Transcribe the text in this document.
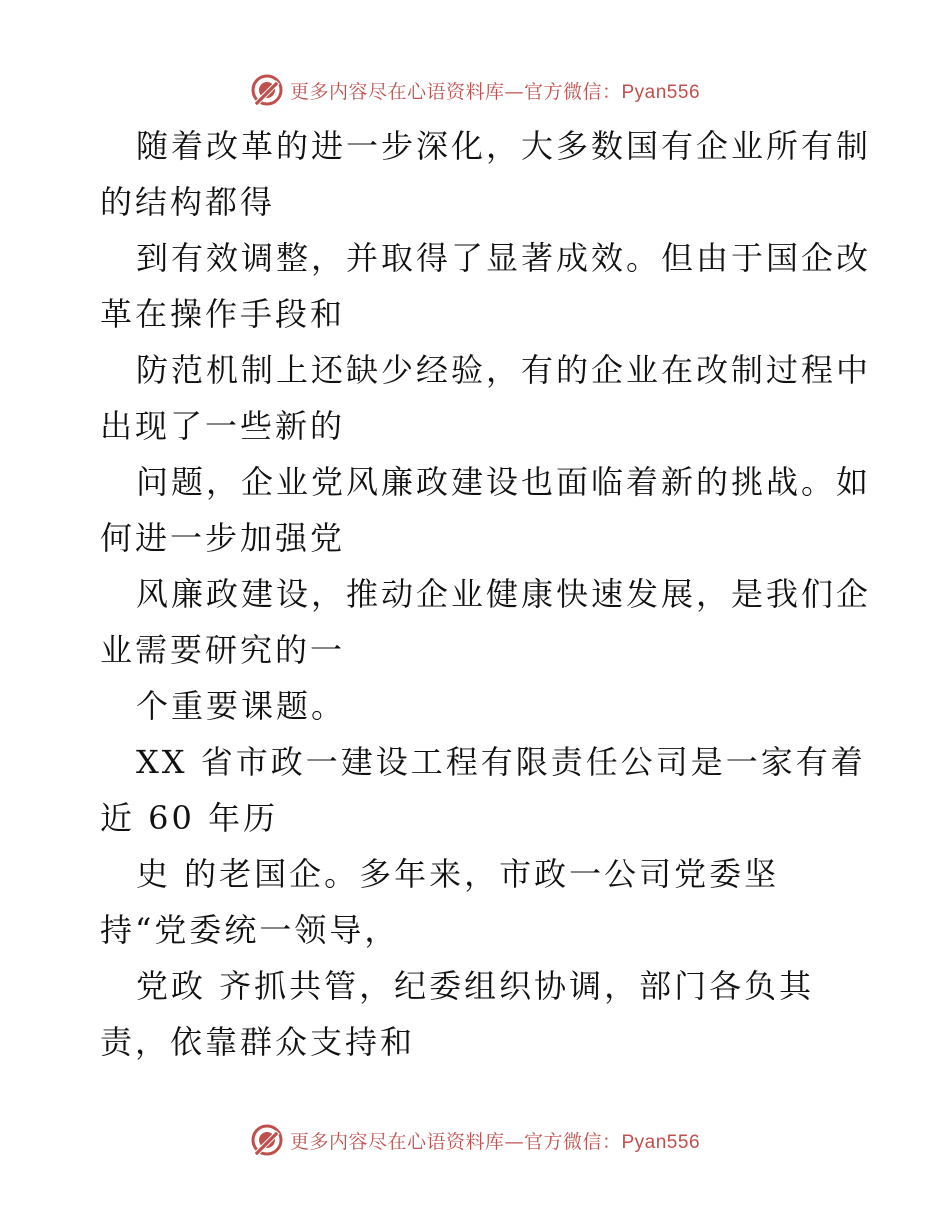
更多内容尽在心语资料库—官方微信：Pyan556
随着改革的进一步深化，大多数国有企业所有制
的结构都得
到有效调整，并取得了显著成效。但由于国企改
革在操作手段和
防范机制上还缺少经验，有的企业在改制过程中
出现了一些新的
问题，企业党风廉政建设也面临着新的挑战。如
何进一步加强党
风廉政建设，推动企业健康快速发展，是我们企
业需要研究的一
个重要课题。
XX 省市政一建设工程有限责任公司是一家有着
近 60 年历
史 的老国企。多年来，市政一公司党委坚
持“党委统一领导，
党政 齐抓共管，纪委组织协调，部门各负其
责，依靠群众支持和
更多内容尽在心语资料库—官方微信：Pyan556
